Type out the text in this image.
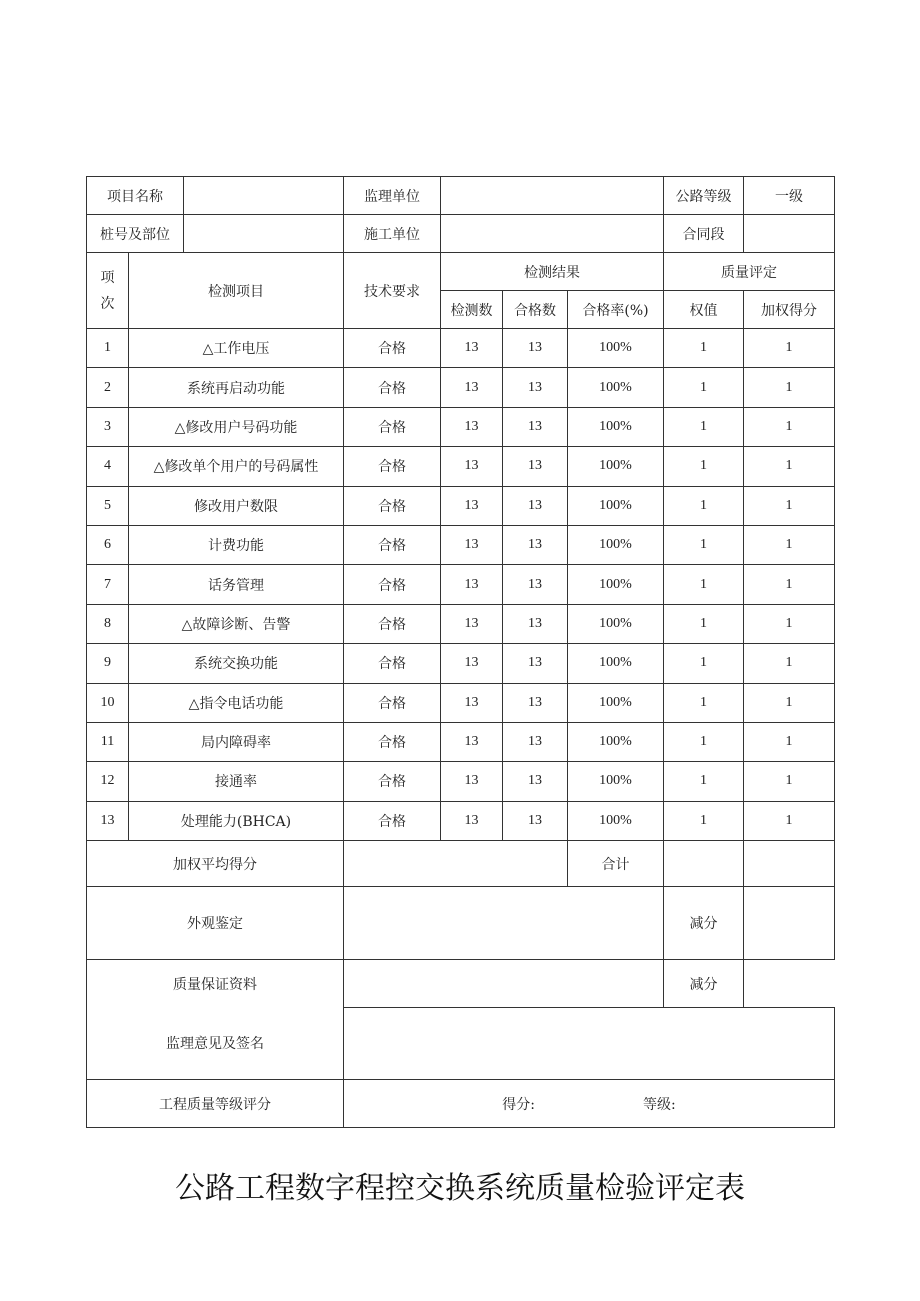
项目名称			监理单位				公路等级	一级
桩号及部位			施工单位				合同段	
项
次	检测项目		技术要求	检测结果			质量评定	
				检测数	合格数	合格率(%)	权值	加权得分
1	△工作电压		合格	13	13	100%	1	1
2	系统再启动功能		合格	13	13	100%	1	1
3	△修改用户号码功能		合格	13	13	100%	1	1
4	△修改单个用户的号码属性		合格	13	13	100%	1	1
5	修改用户数限		合格	13	13	100%	1	1
6	计费功能		合格	13	13	100%	1	1
7	话务管理		合格	13	13	100%	1	1
8	△故障诊断、告警		合格	13	13	100%	1	1
9	系统交换功能		合格	13	13	100%	1	1
10	△指令电话功能		合格	13	13	100%	1	1
11	局内障碍率		合格	13	13	100%	1	1
12	接通率		合格	13	13	100%	1	1
13	处理能力(BHCA)		合格	13	13	100%	1	1
加权平均得分						合计		
外观鉴定							减分	
质量保证资料							减分	
监理意见及签名								
工程质量等级评分			得分: 等级:					
公路工程数字程控交换系统质量检验评定表
